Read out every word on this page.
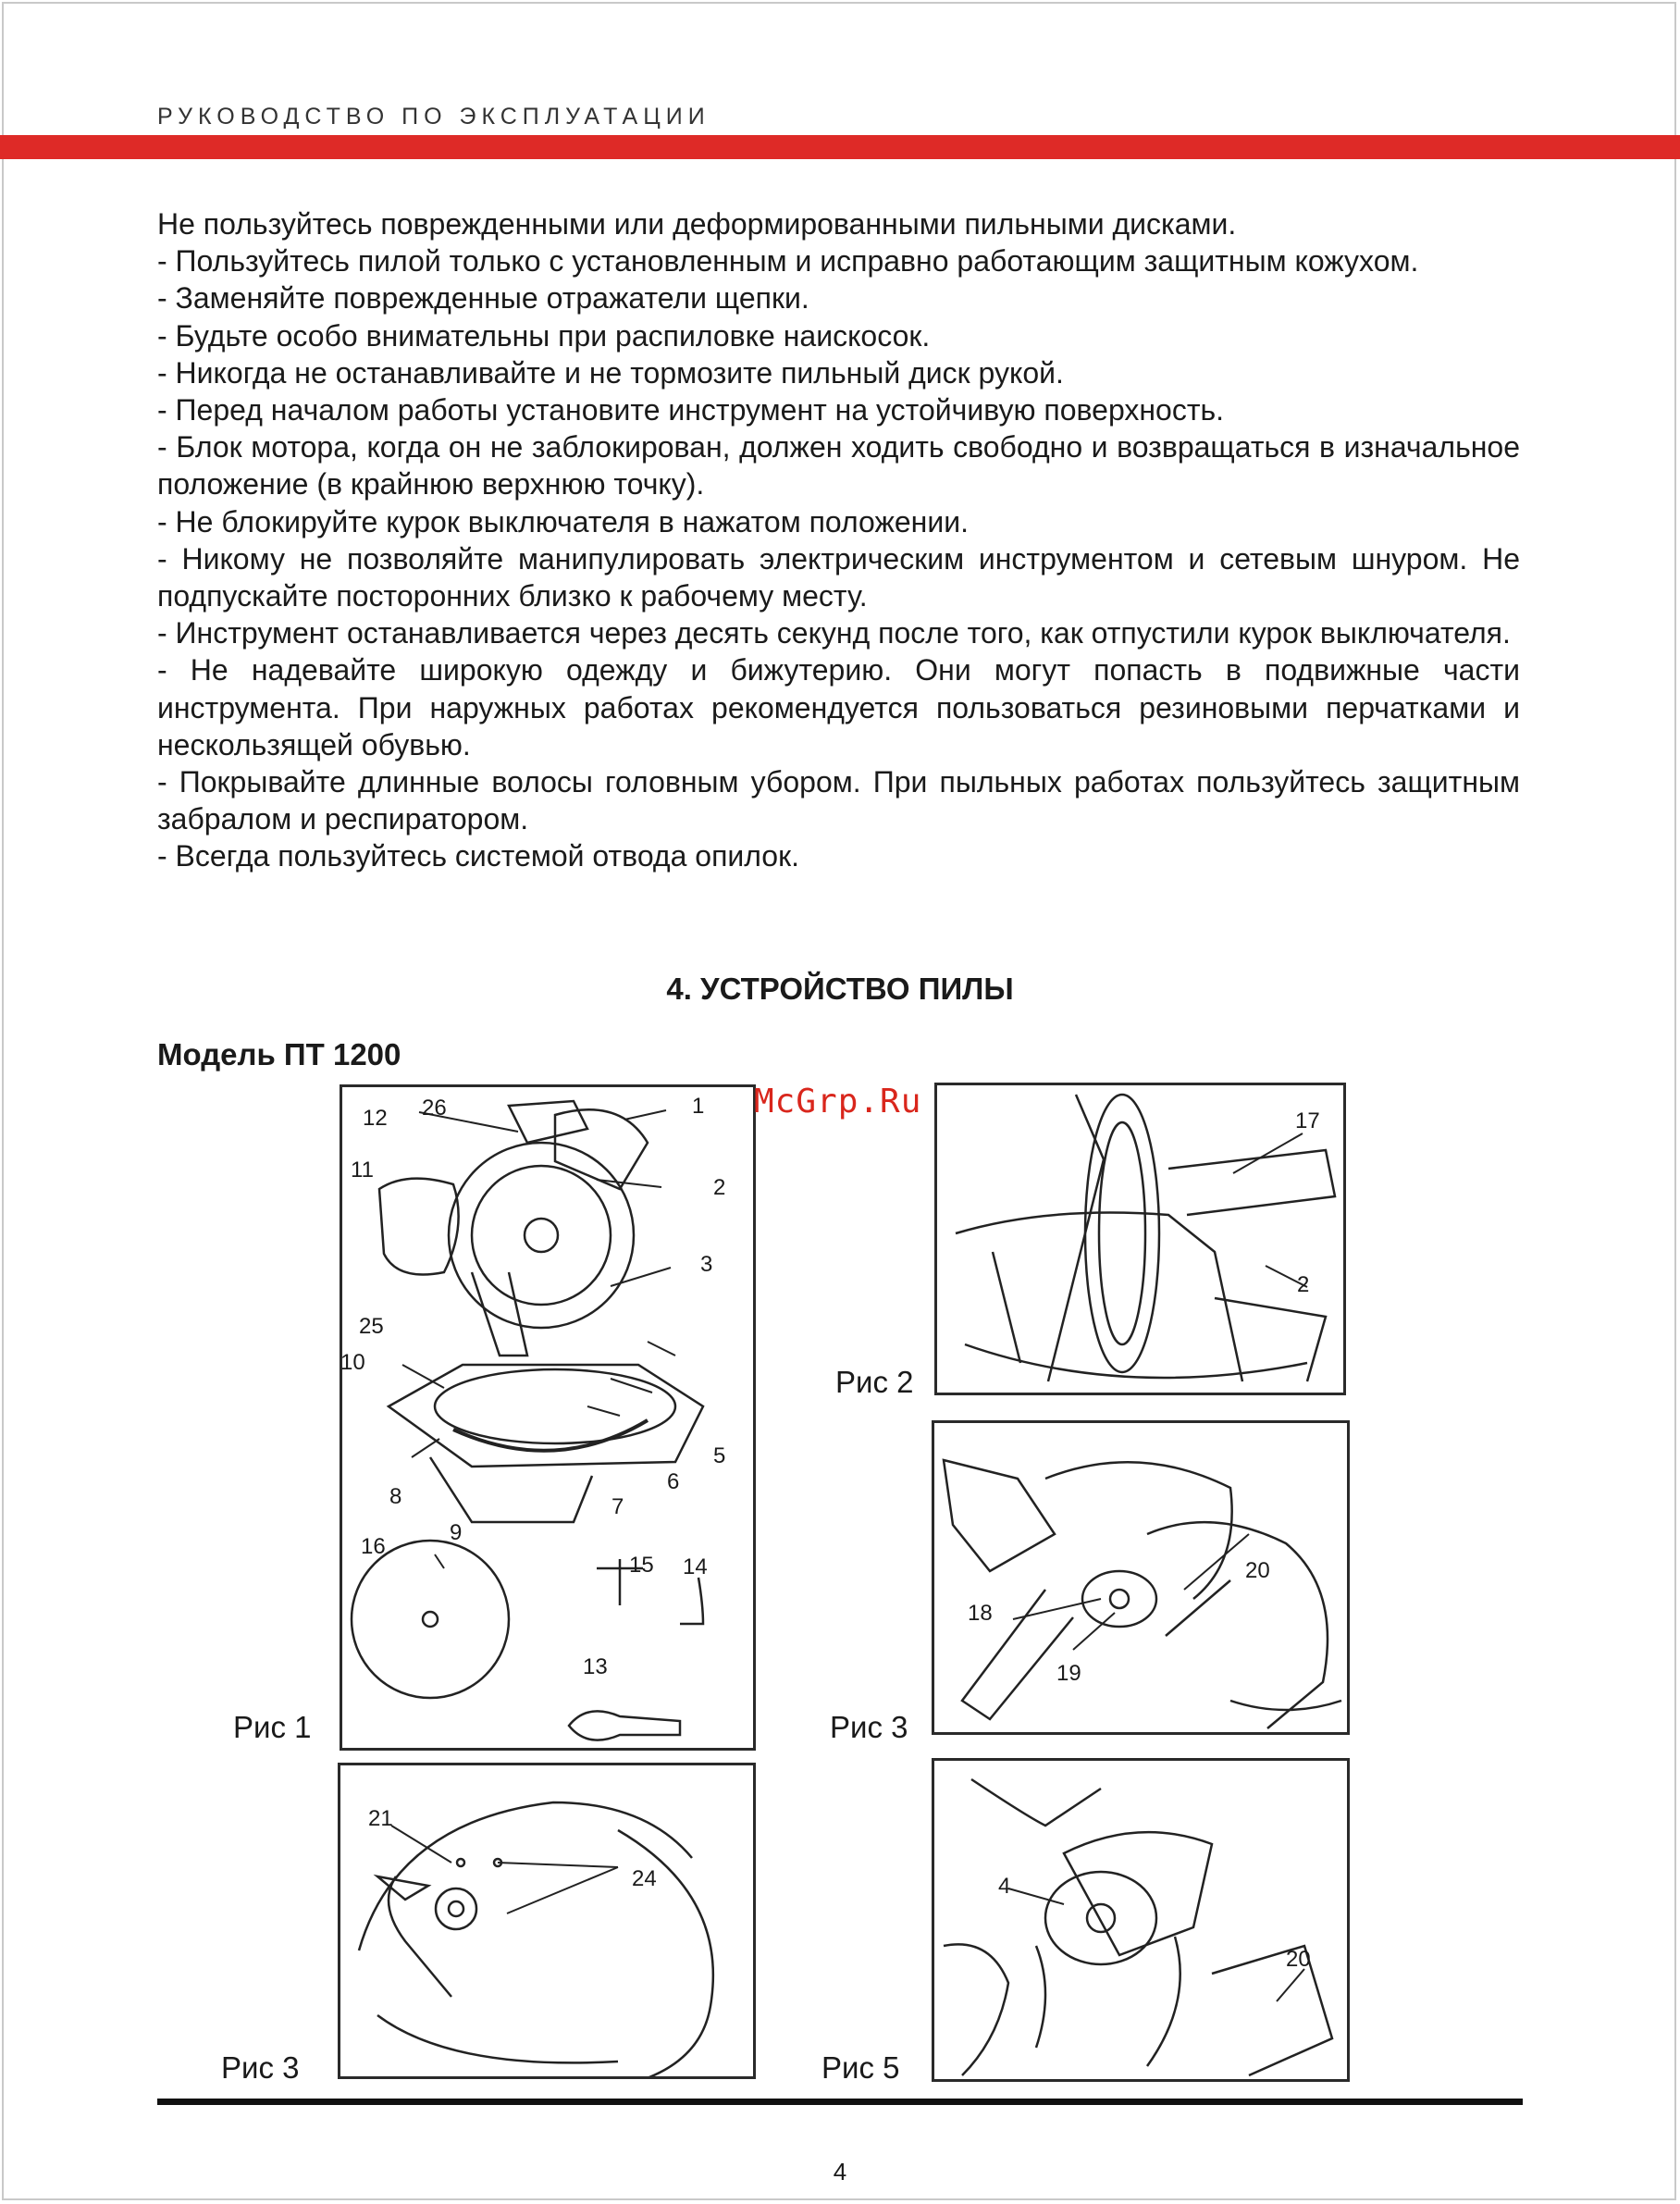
РУКОВОДСТВО ПО ЭКСПЛУАТАЦИИ

Не пользуйтесь поврежденными или деформированными пильными дисками.

- Пользуйтесь пилой только с установленным и исправно работающим защитным кожухом.

- Заменяйте поврежденные отражатели щепки.

- Будьте особо внимательны при распиловке наискосок.

- Никогда не останавливайте и не тормозите пильный диск рукой.

- Перед началом работы установите инструмент на устойчивую поверхность.

- Блок мотора, когда он не заблокирован, должен ходить свободно и возвращаться в изначальное положение (в крайнюю верхнюю точку).

- Не блокируйте курок выключателя в нажатом положении.

- Никому не позволяйте манипулировать электрическим инструментом и сетевым шнуром. Не подпускайте посторонних близко к рабочему месту.

- Инструмент останавливается через десять секунд после того, как отпустили курок выключателя.

- Не надевайте широкую одежду и бижутерию. Они могут попасть в подвижные части инструмента. При наружных работах рекомендуется пользоваться резиновыми перчатками и нескользящей обувью.

- Покрывайте длинные волосы головным убором. При пыльных работах пользуйтесь защитным забралом и респиратором.

- Всегда пользуйтесь системой отвода опилок.

4. УСТРОЙСТВО ПИЛЫ
Модель ПТ 1200
26
12	1
11
2
3
25
10
5
6
7
8
9
16
15 14
13
Рис 1
17
2
Рис 2
20
18
19
Рис 3
21
24
Рис 3
4
20
Рис 5
McGrp.Ru
4
